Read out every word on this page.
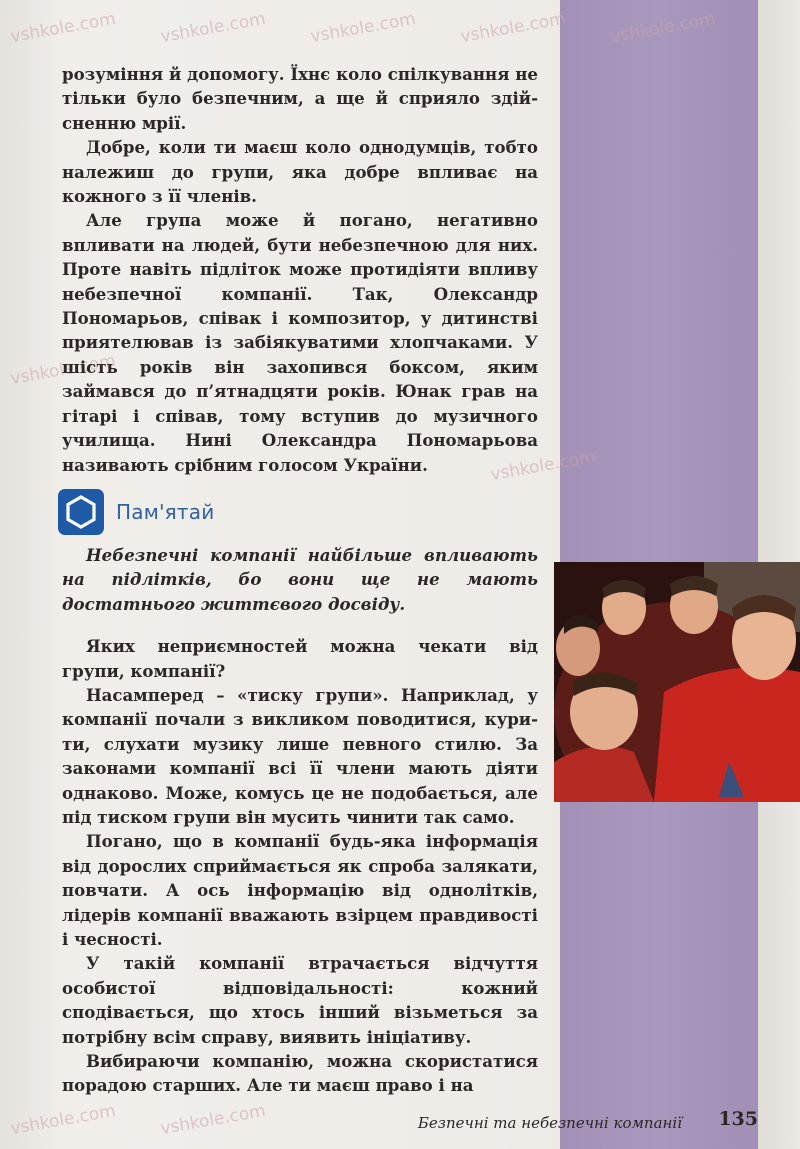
vshkole.com vshkole.com vshkole.com vshkole.com vshkole.com
vshkole.com
vshkole.com
vshkole.com vshkole.com

розуміння й допомогу. Їхнє коло спілкування не тільки було безпечним, а ще й сприяло здійсненню мрії.

Добре, коли ти маєш коло однодумців, тобто належиш до групи, яка добре впливає на кожного з її членів.

Але група може й погано, негативно впливати на людей, бути небезпечною для них. Проте навіть підліток може протидіяти впливу небезпечної компанії. Так, Олександр Пономарьов, співак і композитор, у дитинстві приятелював із забіякуватими хлопчаками. У шість років він захопився боксом, яким займався до п’ятнадцяти років. Юнак грав на гітарі і співав, тому вступив до музичного училища. Нині Олександра Пономарьова називають срібним голосом України.

Пам'ятай

Небезпечні компанії найбільше впливають на підлітків, бо вони ще не мають достатнього життєвого досвіду.

Яких неприємностей можна чекати від групи, компанії?

Насамперед – «тиску групи». Наприклад, у компанії почали з викликом поводитися, курити, слухати музику лише певного стилю. За законами компанії всі її члени мають діяти однаково. Може, комусь це не подобається, але під тиском групи він мусить чинити так само.

Погано, що в компанії будь-яка інформація від дорослих сприймається як спроба залякати, повчати. А ось інформацію від однолітків, лідерів компанії вважають взірцем правдивості і чесності.

У такій компанії втрачається відчуття особистої відповідальності: кожний сподівається, що хтось інший візьметься за потрібну всім справу, виявить ініціативу.

Вибираючи компанію, можна скористатися порадою старших. Але ти маєш право і на

Безпечні та небезпечні компанії	135
